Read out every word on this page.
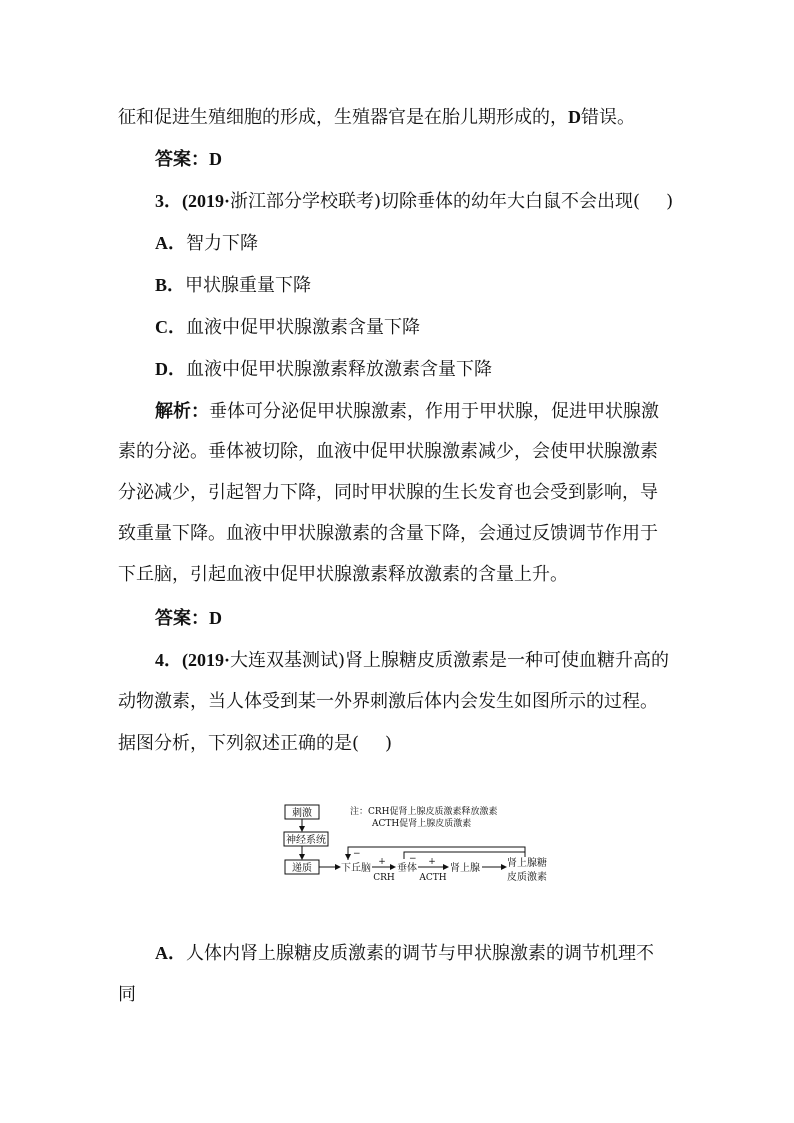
征和促进生殖细胞的形成，生殖器官是在胎儿期形成的，D错误。
答案：D
3．(2019·浙江部分学校联考)切除垂体的幼年大白鼠不会出现( )
A．智力下降
B．甲状腺重量下降
C．血液中促甲状腺激素含量下降
D．血液中促甲状腺激素释放激素含量下降
解析：垂体可分泌促甲状腺激素，作用于甲状腺，促进甲状腺激
素的分泌。垂体被切除，血液中促甲状腺激素减少，会使甲状腺激素
分泌减少，引起智力下降，同时甲状腺的生长发育也会受到影响，导
致重量下降。血液中甲状腺激素的含量下降，会通过反馈调节作用于
下丘脑，引起血液中促甲状腺激素释放激素的含量上升。
答案：D
4．(2019·大连双基测试)肾上腺糖皮质激素是一种可使血糖升高的
动物激素，当人体受到某一外界刺激后体内会发生如图所示的过程。
据图分析，下列叙述正确的是( )
刺激
神经系统
递质	下丘脑
+
CRH
垂体
+
ACTH
肾上腺	肾上腺糖
皮质激素
−	−
注：CRH促肾上腺皮质激素释放激素
ACTH促肾上腺皮质激素
A．人体内肾上腺糖皮质激素的调节与甲状腺激素的调节机理不
同
